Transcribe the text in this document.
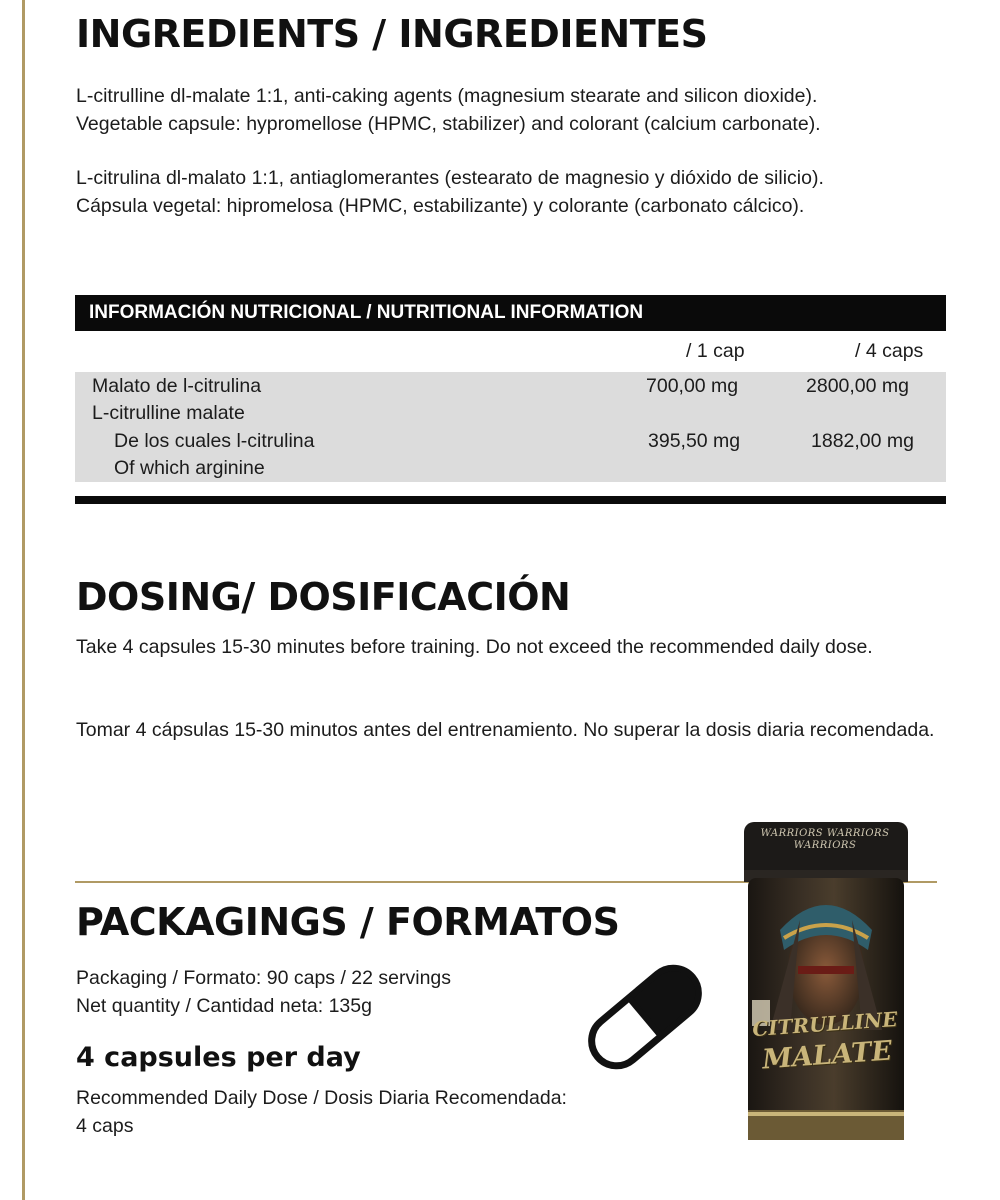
INGREDIENTS / INGREDIENTES

L-citrulline dl-malate 1:1, anti-caking agents (magnesium stearate and silicon dioxide).

Vegetable capsule: hypromellose (HPMC, stabilizer) and colorant (calcium carbonate).

L-citrulina dl-malato 1:1, antiaglomerantes (estearato de magnesio y dióxido de silicio).

Cápsula vegetal: hipromelosa (HPMC, estabilizante) y colorante (carbonato cálcico).

INFORMACIÓN NUTRICIONAL / NUTRITIONAL INFORMATION
/ 1 cap	/ 4 caps
Malato de l-citrulina
L-citrulline malate
700,00 mg	2800,00 mg
De los cuales l-citrulina
Of which arginine
395,50 mg	1882,00 mg
DOSING/ DOSIFICACIÓN

Take 4 capsules 15-30 minutes before training. Do not exceed the recommended daily dose.

Tomar 4 cápsulas 15-30 minutos antes del entrenamiento. No superar la dosis diaria recomendada.

PACKAGINGS / FORMATOS

Packaging / Formato: 90 caps / 22 servings

Net quantity / Cantidad neta: 135g

4 capsules per day

Recommended Daily Dose / Dosis Diaria Recomendada:

4 caps

WARRIORS WARRIORS WARRIORS
CITRULLINE
MALATE
